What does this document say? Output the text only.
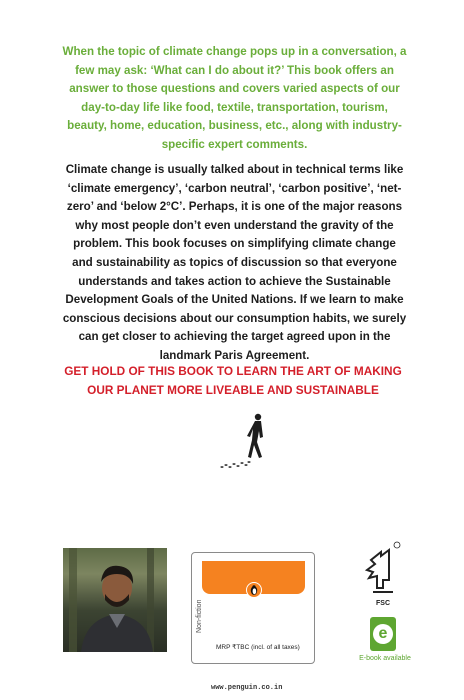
When the topic of climate change pops up in a conversation, a few may ask: ‘What can I do about it?’ This book offers an answer to those questions and covers varied aspects of our day-to-day life like food, textile, transportation, tourism, beauty, home, education, business, etc., along with industry-specific expert comments.

Climate change is usually talked about in technical terms like ‘climate emergency’, ‘carbon neutral’, ‘carbon positive’, ‘net-zero’ and ‘below 2°C’. Perhaps, it is one of the major reasons why most people don’t even understand the gravity of the problem. This book focuses on simplifying climate change and sustainability as topics of discussion so that everyone understands and takes action to achieve the Sustainable Development Goals of the United Nations. If we learn to make conscious decisions about our consumption habits, we surely can get closer to achieving the target agreed upon in the landmark Paris Agreement.

GET HOLD OF THIS BOOK TO LEARN THE ART OF MAKING OUR PLANET MORE LIVEABLE AND SUSTAINABLE

Non-fiction
MRP ₹TBC (incl. of all taxes)
www.penguin.co.in
FSC
e
E-book available
